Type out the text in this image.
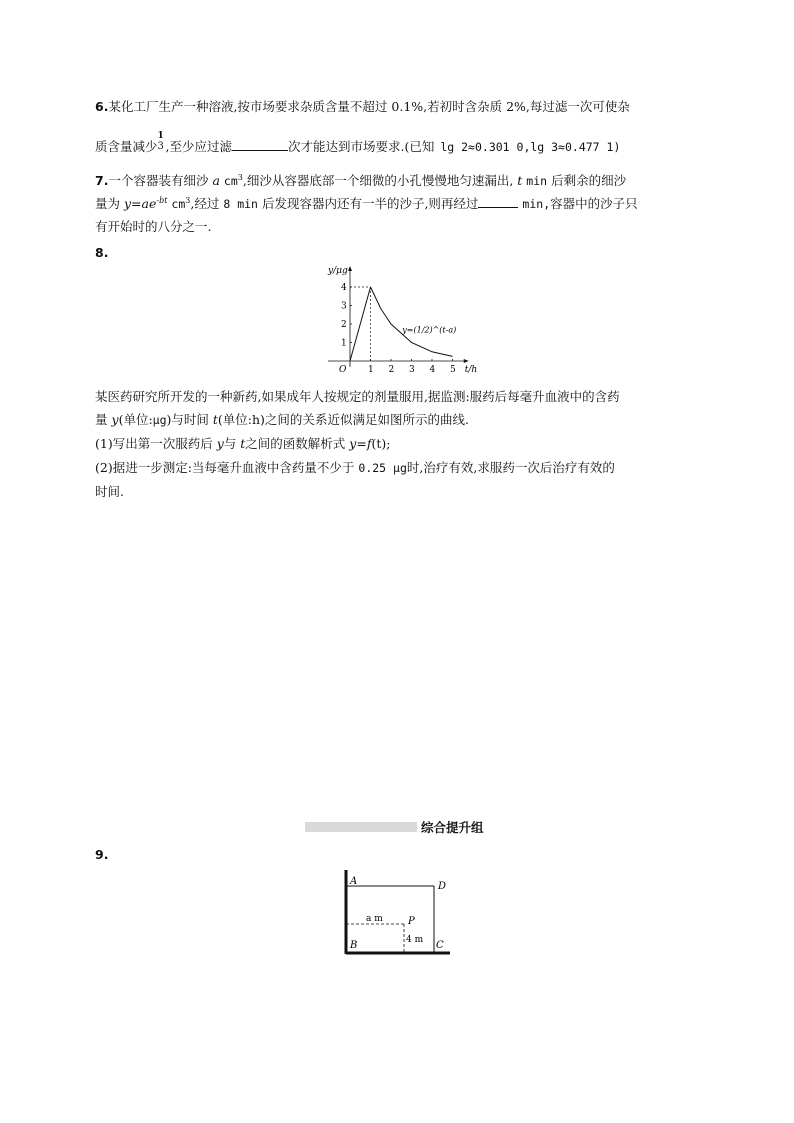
6.某化工厂生产一种溶液,按市场要求杂质含量不超过 0.1%,若初时含杂质 2%,每过滤一次可使杂
质含量减少
1
3 ,至少应过滤	次才能达到市场要求.(已知 lg 2≈0.301 0,lg 3≈0.477 1)
7.一个容器装有细沙 a $cm^3$,细沙从容器底部一个细微的小孔慢慢地匀速漏出, t min 后剩余的细沙
量为 $y=ae^{-bt}$ $cm^3$,经过 8 min 后发现容器内还有一半的沙子,则再经过	min,容器中的沙子只
有开始时的八分之一.
8.
y/μg
t/h
O 1 2 3 4 5
1
2
3
4
y=(1/2)^(t-a)
某医药研究所开发的一种新药,如果成年人按规定的剂量服用,据监测:服药后每毫升血液中的含药
量 y(单位:μg)与时间 t(单位:h)之间的关系近似满足如图所示的曲线.
(1)写出第一次服药后 y与 t之间的函数解析式 y=f(t);
(2)据进一步测定:当每毫升血液中含药量不少于 0.25 μg时,治疗有效,求服药一次后治疗有效的
时间.
综合提升组
9.
A	D
B	C
P
a m
4 m
